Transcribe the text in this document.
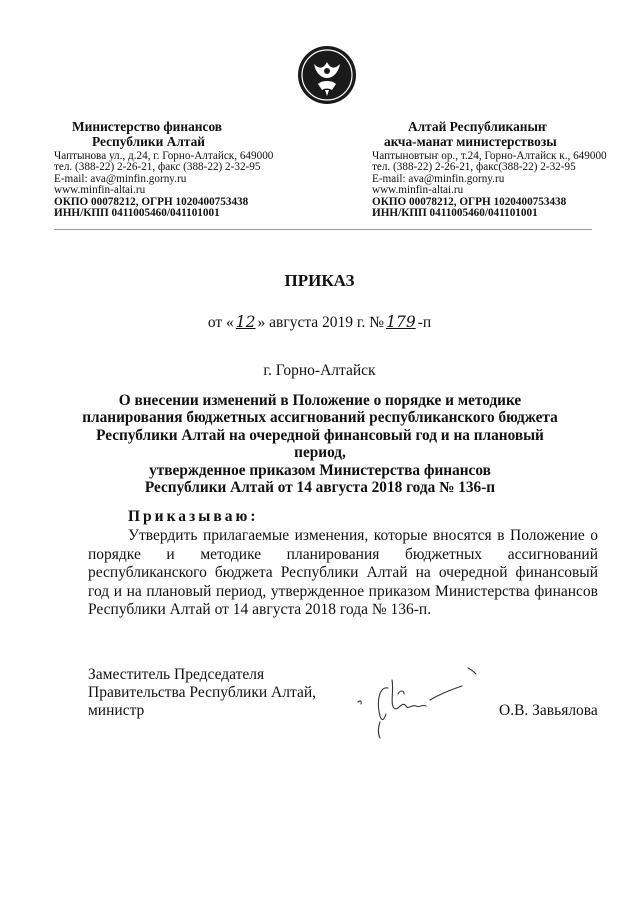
Министерство финансов
Республики Алтай
Чаптынова ул., д.24, г. Горно-Алтайск, 649000
тел. (388-22) 2-26-21, факс (388-22) 2-32-95
E-mail: ava@minfin.gorny.ru
www.minfin-altai.ru
ОКПО 00078212, ОГРН 1020400753438
ИНН/КПП 0411005460/041101001
Алтай Республиканыҥ
акча-манат министерствозы
Чаптыновтыҥ ор., т.24, Горно-Алтайск к., 649000
тел. (388-22) 2-26-21, факс(388-22) 2-32-95
E-mail: ava@minfin.gorny.ru
www.minfin-altai.ru
ОКПО 00078212, ОГРН 1020400753438
ИНН/КПП 0411005460/041101001
ПРИКАЗ
от « 12 » августа 2019 г. № 179 -п
г. Горно-Алтайск
О внесении изменений в Положение о порядке и методике
планирования бюджетных ассигнований республиканского бюджета
Республики Алтай на очередной финансовый год и на плановый период,
утвержденное приказом Министерства финансов
Республики Алтай от 14 августа 2018 года № 136-п
Приказываю:
Утвердить прилагаемые изменения, которые вносятся в Положение о порядке и методике планирования бюджетных ассигнований республиканского бюджета Республики Алтай на очередной финансовый год и на плановый период, утвержденное приказом Министерства финансов Республики Алтай от 14 августа 2018 года № 136-п.
Заместитель Председателя
Правительства Республики Алтай,
министр	О.В. Завьялова
